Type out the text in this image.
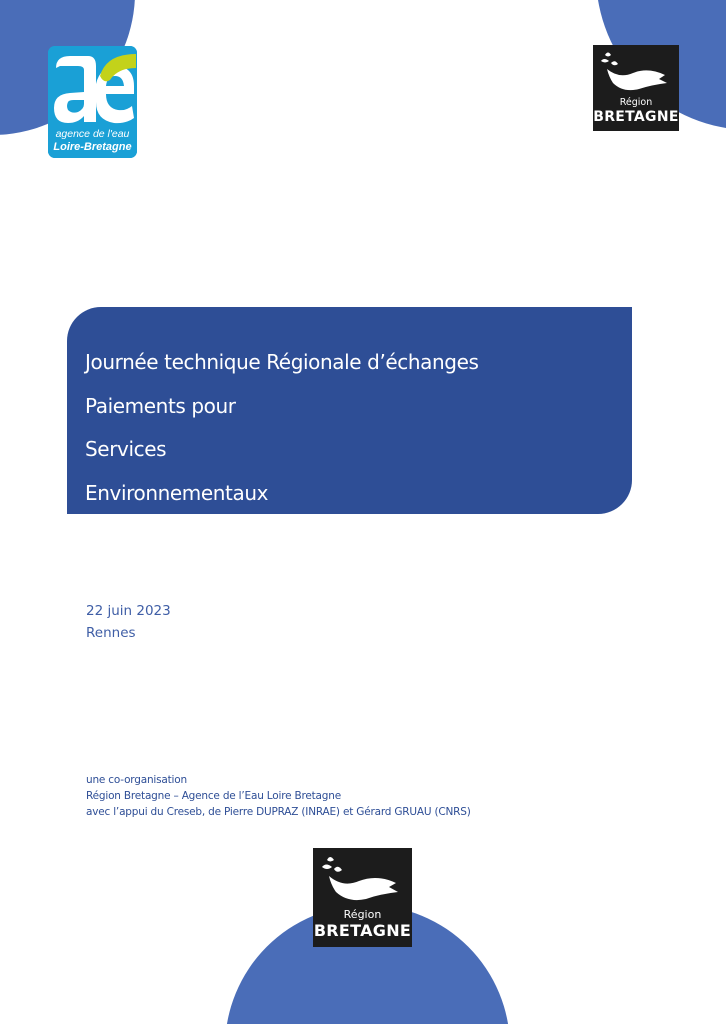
agence de l'eau
Loire-Bretagne
Région
BRETAGNE
Journée technique Régionale d’échanges
Paiements pour
Services
Environnementaux
22 juin 2023
Rennes
une co-organisation
Région Bretagne – Agence de l’Eau Loire Bretagne
avec l’appui du Creseb, de Pierre DUPRAZ (INRAE) et Gérard GRUAU (CNRS)
Région
BRETAGNE
